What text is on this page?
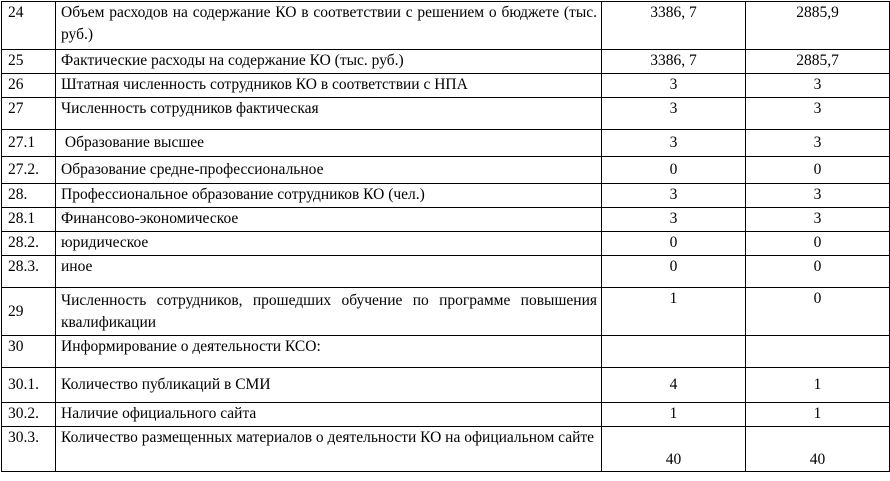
24	Объем расходов на содержание КО в соответствии с решением о бюджете (тыс. руб.)	3386, 7	2885,9
25	Фактические расходы на содержание КО (тыс. руб.)	3386, 7	2885,7
26	Штатная численность сотрудников КО в соответствии с НПА	3	3
27	Численность сотрудников фактическая	3	3
27.1	Образование высшее	3	3
27.2.	Образование средне-профессиональное	0	0
28.	Профессиональное образование сотрудников КО (чел.)	3	3
28.1	Финансово-экономическое	3	3
28.2.	юридическое	0	0
28.3.	иное	0	0
29	Численность сотрудников, прошедших обучение по программе повышения квалификации	1	0
30	Информирование о деятельности КСО:		
30.1.	Количество публикаций в СМИ	4	1
30.2.	Наличие официального сайта	1	1
30.3.	Количество размещенных материалов о деятельности КО на официальном сайте	40	40
